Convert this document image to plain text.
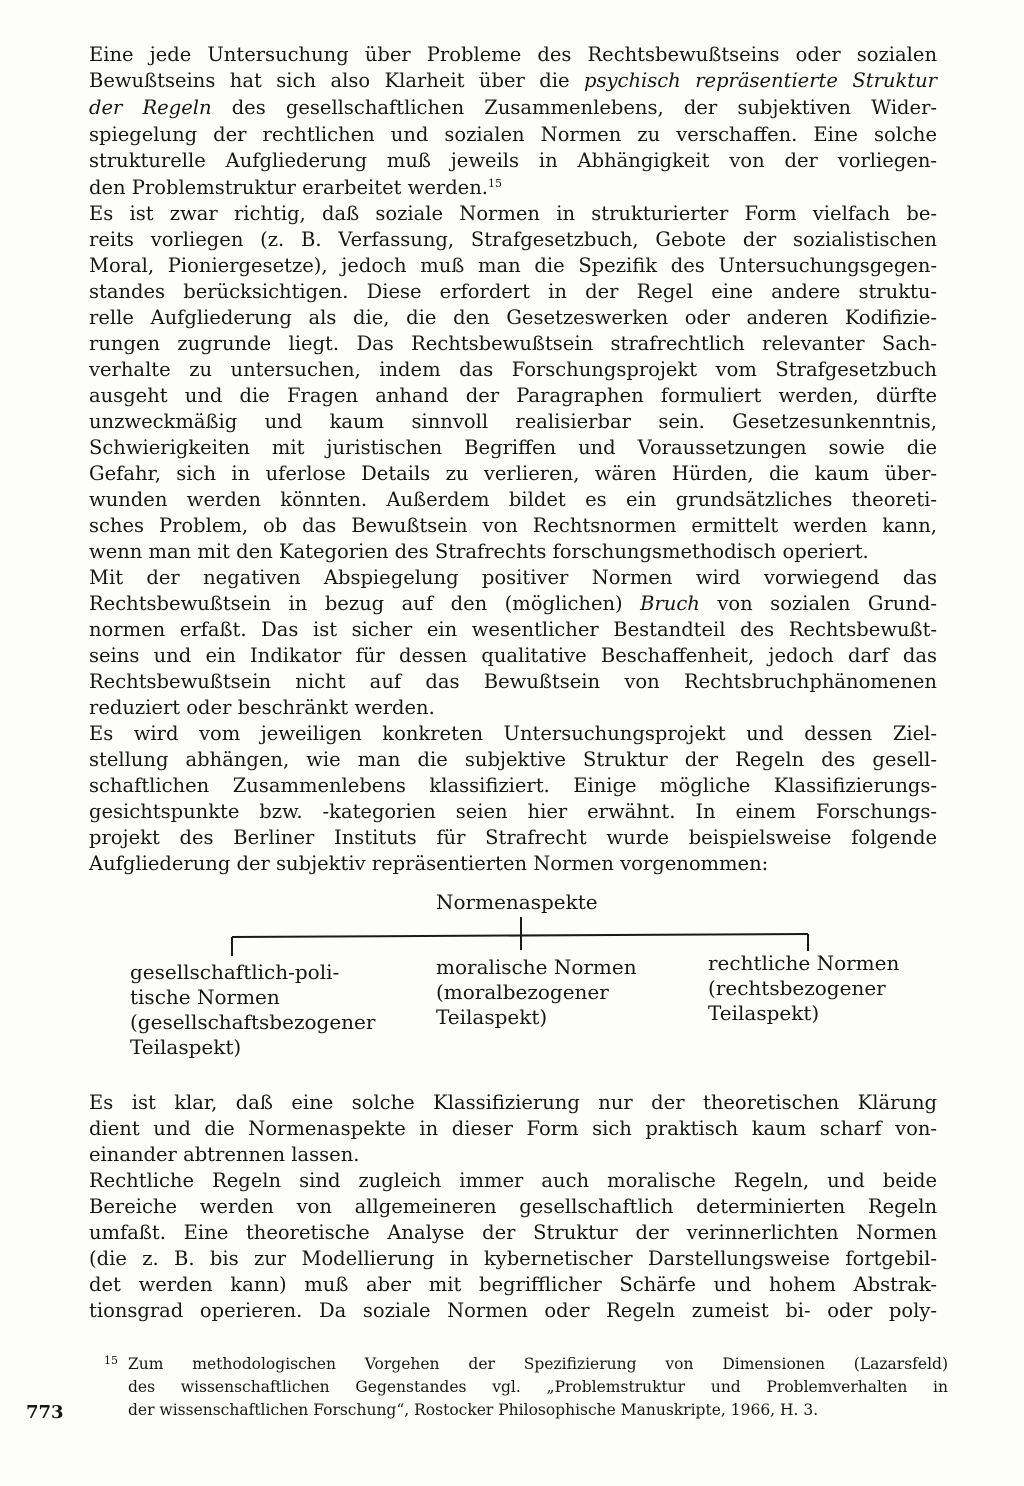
Eine jede Untersuchung über Probleme des Rechtsbewußtseins oder sozialen
Bewußtseins hat sich also Klarheit über die psychisch repräsentierte Struktur
der Regeln des gesellschaftlichen Zusammenlebens, der subjektiven Wider-
spiegelung der rechtlichen und sozialen Normen zu verschaffen. Eine solche
strukturelle Aufgliederung muß jeweils in Abhängigkeit von der vorliegen-
den Problemstruktur erarbeitet werden.$^{15}$
Es ist zwar richtig, daß soziale Normen in strukturierter Form vielfach be-
reits vorliegen (z. B. Verfassung, Strafgesetzbuch, Gebote der sozialistischen
Moral, Pioniergesetze), jedoch muß man die Spezifik des Untersuchungsgegen-
standes berücksichtigen. Diese erfordert in der Regel eine andere struktu-
relle Aufgliederung als die, die den Gesetzeswerken oder anderen Kodifizie-
rungen zugrunde liegt. Das Rechtsbewußtsein strafrechtlich relevanter Sach-
verhalte zu untersuchen, indem das Forschungsprojekt vom Strafgesetzbuch
ausgeht und die Fragen anhand der Paragraphen formuliert werden, dürfte
unzweckmäßig und kaum sinnvoll realisierbar sein. Gesetzesunkenntnis,
Schwierigkeiten mit juristischen Begriffen und Voraussetzungen sowie die
Gefahr, sich in uferlose Details zu verlieren, wären Hürden, die kaum über-
wunden werden könnten. Außerdem bildet es ein grundsätzliches theoreti-
sches Problem, ob das Bewußtsein von Rechtsnormen ermittelt werden kann,
wenn man mit den Kategorien des Strafrechts forschungsmethodisch operiert.
Mit der negativen Abspiegelung positiver Normen wird vorwiegend das
Rechtsbewußtsein in bezug auf den (möglichen) Bruch von sozialen Grund-
normen erfaßt. Das ist sicher ein wesentlicher Bestandteil des Rechtsbewußt-
seins und ein Indikator für dessen qualitative Beschaffenheit, jedoch darf das
Rechtsbewußtsein nicht auf das Bewußtsein von Rechtsbruchphänomenen
reduziert oder beschränkt werden.
Es wird vom jeweiligen konkreten Untersuchungsprojekt und dessen Ziel-
stellung abhängen, wie man die subjektive Struktur der Regeln des gesell-
schaftlichen Zusammenlebens klassifiziert. Einige mögliche Klassifizierungs-
gesichtspunkte bzw. -kategorien seien hier erwähnt. In einem Forschungs-
projekt des Berliner Instituts für Strafrecht wurde beispielsweise folgende
Aufgliederung der subjektiv repräsentierten Normen vorgenommen:
Normenaspekte
gesellschaftlich-poli-
tische Normen
(gesellschaftsbezogener
Teilaspekt)
moralische Normen
(moralbezogener
Teilaspekt)
rechtliche Normen
(rechtsbezogener
Teilaspekt)
Es ist klar, daß eine solche Klassifizierung nur der theoretischen Klärung
dient und die Normenaspekte in dieser Form sich praktisch kaum scharf von-
einander abtrennen lassen.
Rechtliche Regeln sind zugleich immer auch moralische Regeln, und beide
Bereiche werden von allgemeineren gesellschaftlich determinierten Regeln
umfaßt. Eine theoretische Analyse der Struktur der verinnerlichten Normen
(die z. B. bis zur Modellierung in kybernetischer Darstellungsweise fortgebil-
det werden kann) muß aber mit begrifflicher Schärfe und hohem Abstrak-
tionsgrad operieren. Da soziale Normen oder Regeln zumeist bi- oder poly-
15 Zum methodologischen Vorgehen der Spezifizierung von Dimensionen (Lazarsfeld)
des wissenschaftlichen Gegenstandes vgl. „Problemstruktur und Problemverhalten in
der wissenschaftlichen Forschung“, Rostocker Philosophische Manuskripte, 1966, H. 3.
773
